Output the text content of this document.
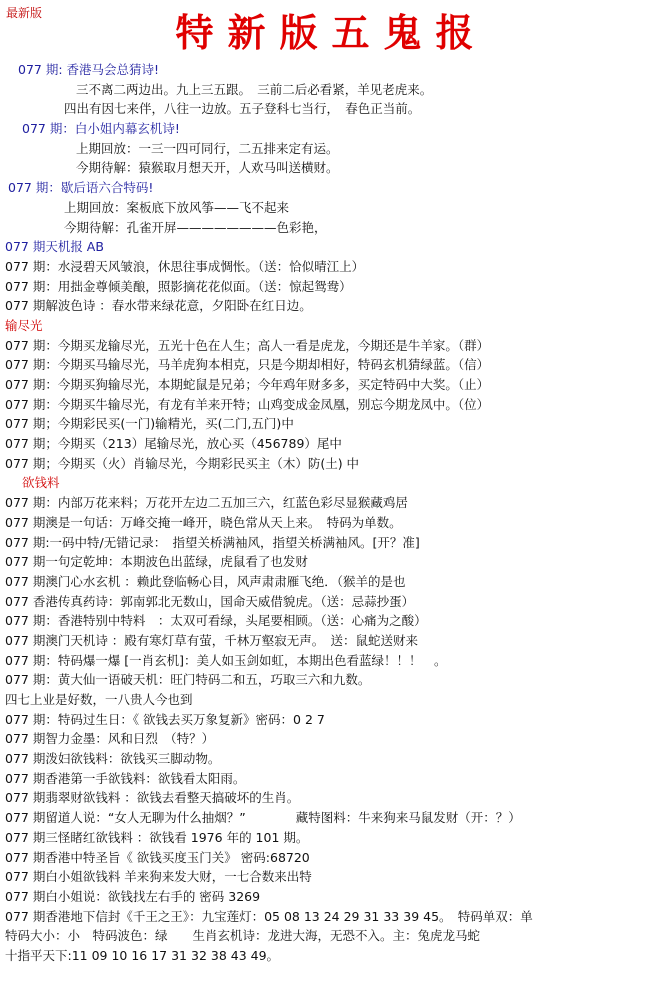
最新版	特新版五鬼报
077 期: 香港马会总猜诗!
三不离二两边出。九上三五跟。　三前二后必看紧，羊见老虎来。
四出有因七来伴，八往一边放。五子登科七当行，　春色正当前。
077 期：白小姐内幕玄机诗!
上期回放：一三一四可同行，二五排来定有运。
今期待解：猿猴取月想天开，人欢马叫送横财。
077 期：歇后语六合特码!
上期回放：案板底下放风筝——飞不起来
今期待解：孔雀开屏————————色彩艳，
077 期天机报 AB
077 期：水浸碧天风皱浪，休思往事成惆怅。（送：恰似晴江上）
077 期：用拙金尊倾美酿，照影摘花花似面。（送：惊起鸳鸯）
077 期解波色诗 ：春水带来绿花意，夕阳卧在红日边。
输尽光
077 期：今期买龙输尽光，五光十色在人生；高人一看是虎龙，今期还是牛羊家。（群）
077 期：今期买马输尽光，马羊虎狗本相克，只是今期却相好，特码玄机猜绿蓝。（信）
077 期：今期买狗输尽光，本期蛇鼠是兄弟；今年鸡年财多多，买定特码中大奖。（止）
077 期：今期买牛输尽光，有龙有羊来开特；山鸡变成金凤凰，别忘今期龙凤中。（位）
077 期；今期彩民买(一门)输精光，买(二门,五门)中
077 期；今期买（213）尾输尽光，放心买（456789）尾中
077 期；今期买（火）肖输尽光，今期彩民买主（木）防(土) 中
欲钱料
077 期：内部万花来料；万花开左边二五加三六，红蓝色彩尽显猴藏鸡居
077 期澳是一句话：万峰交掩一峰开，晓色常从天上来。　特码为单数。
077 期:一码中特/无错记录：　指望关桥满袖风，指望关桥满袖风。[开？准]
077 期一句定乾坤：本期波色出蓝绿，虎鼠看了也发财
077 期澳门心水玄机 ：赖此登临畅心目，风声肃肃雁飞绝．（猴羊的是也
077 香港传真药诗：郭南郭北无数山，国命天威借貌虎。（送：忌蒜抄蛋）
077 期：香港特别中特料　：太双可看绿，头尾要相顾。（送：心痛为之酸）
077 期澳门天机诗 ：殿有寒灯草有萤，千林万壑寂无声。　送：鼠蛇送财来
077 期：特码爆一爆 [一肖玄机]：美人如玉剑如虹，本期出色看蓝绿！！！　。
077 期：黄大仙一语破天机：旺门特码二和五，巧取三六和九数。
四七上业是好数，一八贵人今也到
077 期：特码过生日：《 欲钱去买万象复新》密码：0 2 7
077 期智力金墨：风和日烈　（特？）
077 期泼妇欲钱料：欲钱买三脚动物。
077 期香港第一手欲钱料：欲钱看太阳雨。
077 期翡翠财欲钱料 ：欲钱去看整天搞破坏的生肖。
077 期留道人说：“女人无聊为什么抽烟？”　　　　藏特图料：牛来狗来马鼠发财（开：？）
077 期三怪睹红欲钱料 ：欲钱看 1976 年的 101 期。
077 期香港中特圣旨《 欲钱买度玉门关》 密码:68720
077 期白小姐欲钱料 羊来狗来发大财，一七合数来出特
077 期白小姐说：欲钱找左右手的 密码 3269
077 期香港地下信封《千王之王》：九宝莲灯：05 08 13 24 29 31 33 39 45。　特码单双：单
特码大小：小　特码波色：绿　　生肖玄机诗：龙进大海，无恐不入。主：兔虎龙马蛇
十指平天下:11 09 10 16 17 31 32 38 43 49。
